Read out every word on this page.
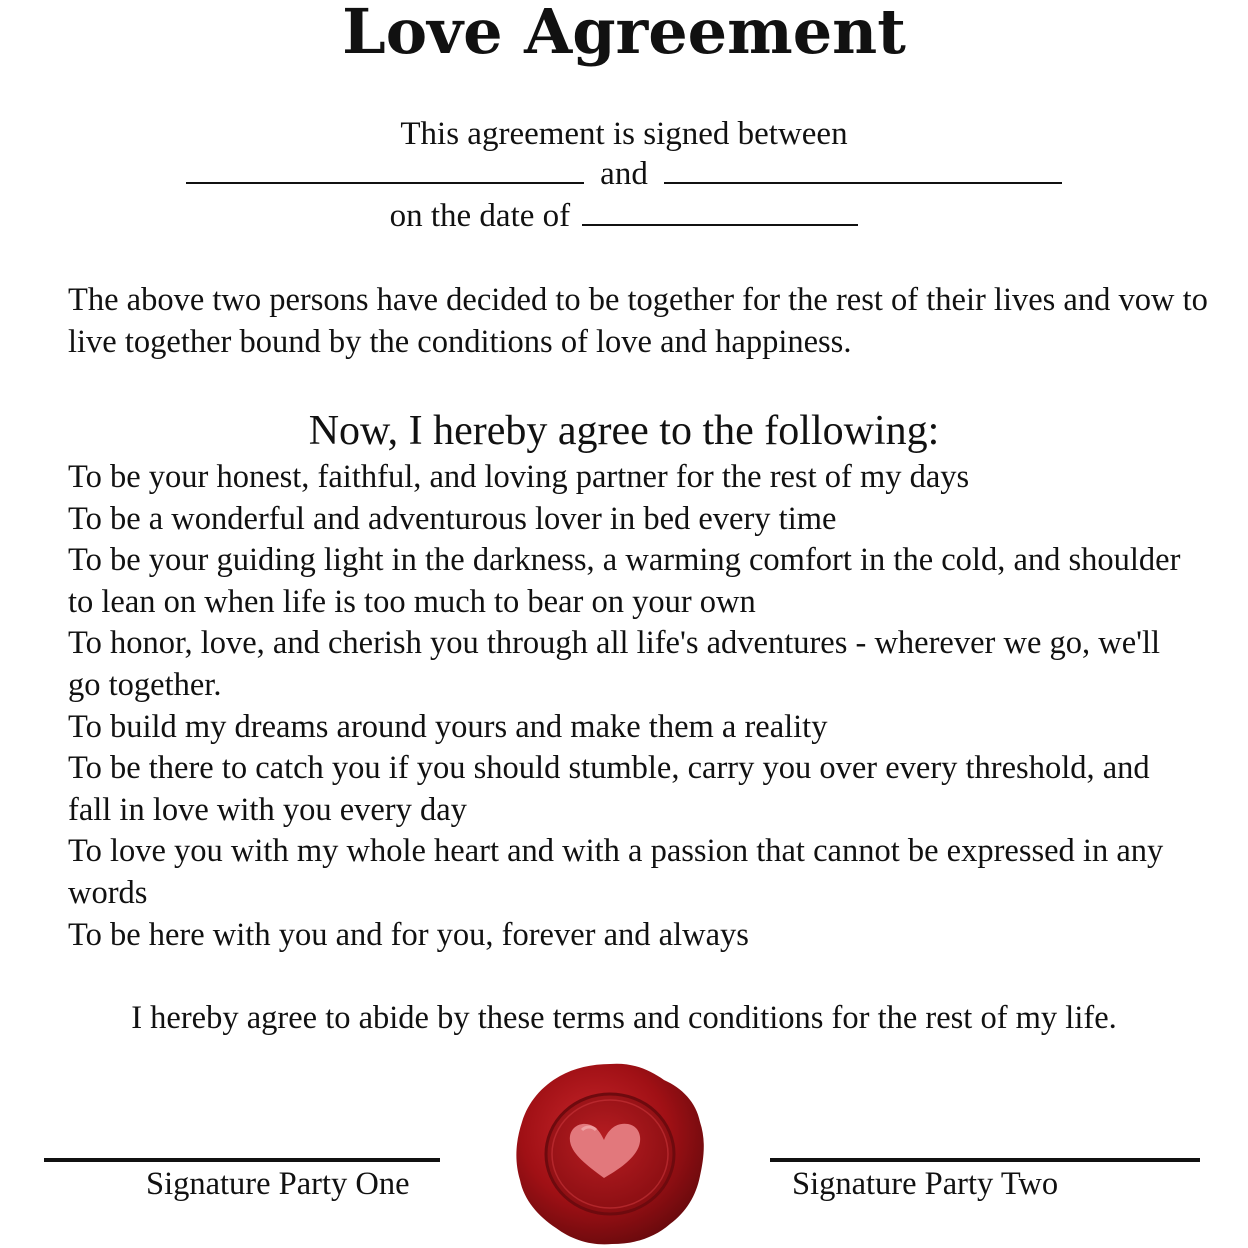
Love Agreement
This agreement is signed between
and
on the date of

The above two persons have decided to be together for the rest of their lives and vow to live together bound by the conditions of love and happiness.

Now, I hereby agree to the following:
To be your honest, faithful, and loving partner for the rest of my days
To be a wonderful and adventurous lover in bed every time
To be your guiding light in the darkness, a warming comfort in the cold, and shoulder to lean on when life is too much to bear on your own
To honor, love, and cherish you through all life's adventures - wherever we go, we'll go together.
To build my dreams around yours and make them a reality
To be there to catch you if you should stumble, carry you over every threshold, and fall in love with you every day
To love you with my whole heart and with a passion that cannot be expressed in any words
To be here with you and for you, forever and always

I hereby agree to abide by these terms and conditions for the rest of my life.

Signature Party One	Signature Party Two
